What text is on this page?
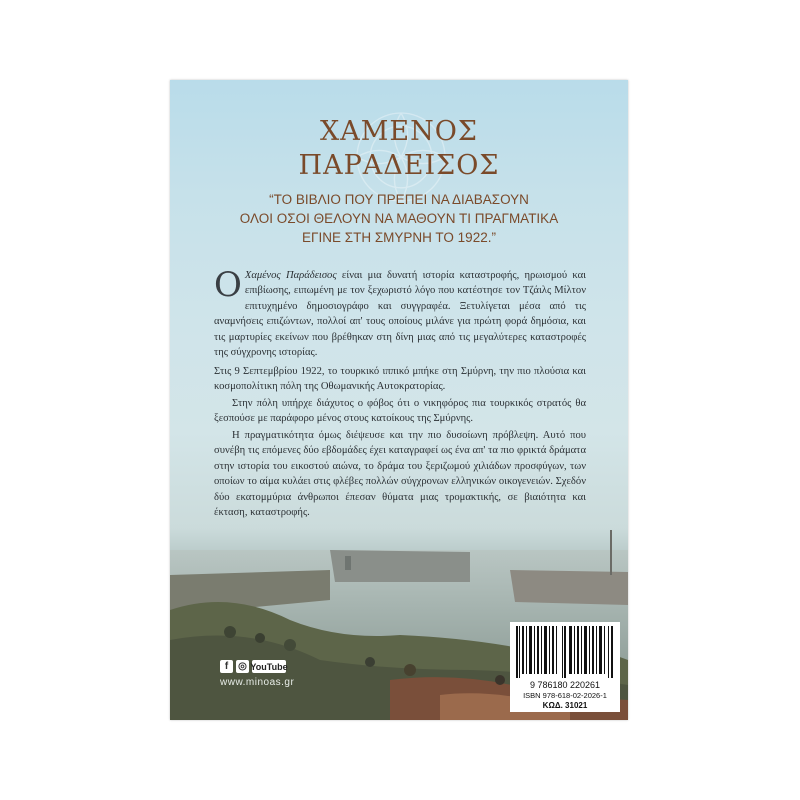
ΧΑΜΕΝΟΣ
ΠΑΡΑΔΕΙΣΟΣ
“ΤΟ ΒΙΒΛΙΟ ΠΟΥ ΠΡΕΠΕΙ ΝΑ ΔΙΑΒΑΣΟΥΝ
ΟΛΟΙ ΟΣΟΙ ΘΕΛΟΥΝ ΝΑ ΜΑΘΟΥΝ ΤΙ ΠΡΑΓΜΑΤΙΚΑ
ΕΓΙΝΕ ΣΤΗ ΣΜΥΡΝΗ ΤΟ 1922.”

O Χαμένος Παράδεισος είναι μια δυνατή ιστορία καταστροφής, ηρωισμού και επιβίωσης, ειπωμένη με τον ξεχωριστό λόγο που κατέστησε τον Τζάιλς Μίλτον επιτυχημένο δημοσιογράφο και συγγραφέα. Ξετυλίγεται μέσα από τις αναμνήσεις επιζώντων, πολλοί απ' τους οποίους μιλάνε για πρώτη φορά δημόσια, και τις μαρτυρίες εκείνων που βρέθηκαν στη δίνη μιας από τις μεγαλύτερες καταστροφές της σύγχρονης ιστορίας.

Στις 9 Σεπτεμβρίου 1922, το τουρκικό ιππικό μπήκε στη Σμύρνη, την πιο πλούσια και κοσμοπολίτικη πόλη της Οθωμανικής Αυτοκρατορίας.

Στην πόλη υπήρχε διάχυτος ο φόβος ότι ο νικηφόρος πια τουρκικός στρατός θα ξεσπούσε με παράφορο μένος στους κατοίκους της Σμύρνης.

Η πραγματικότητα όμως διέψευσε και την πιο δυσοίωνη πρόβλεψη. Αυτό που συνέβη τις επόμενες δύο εβδομάδες έχει καταγραφεί ως ένα απ' τα πιο φρικτά δράματα στην ιστορία του εικοστού αιώνα, το δράμα του ξεριζωμού χιλιάδων προσφύγων, των οποίων το αίμα κυλάει στις φλέβες πολλών σύγχρονων ελληνικών οικογενειών. Σχεδόν δύο εκατομμύρια άνθρωποι έπεσαν θύματα μιας τρομακτικής, σε βιαιότητα και έκταση, καταστροφής.

f ◎ YouTube
www.minoas.gr	9 786180 220261
ISBN 978-618-02-2026-1
ΚΩΔ. 31021
